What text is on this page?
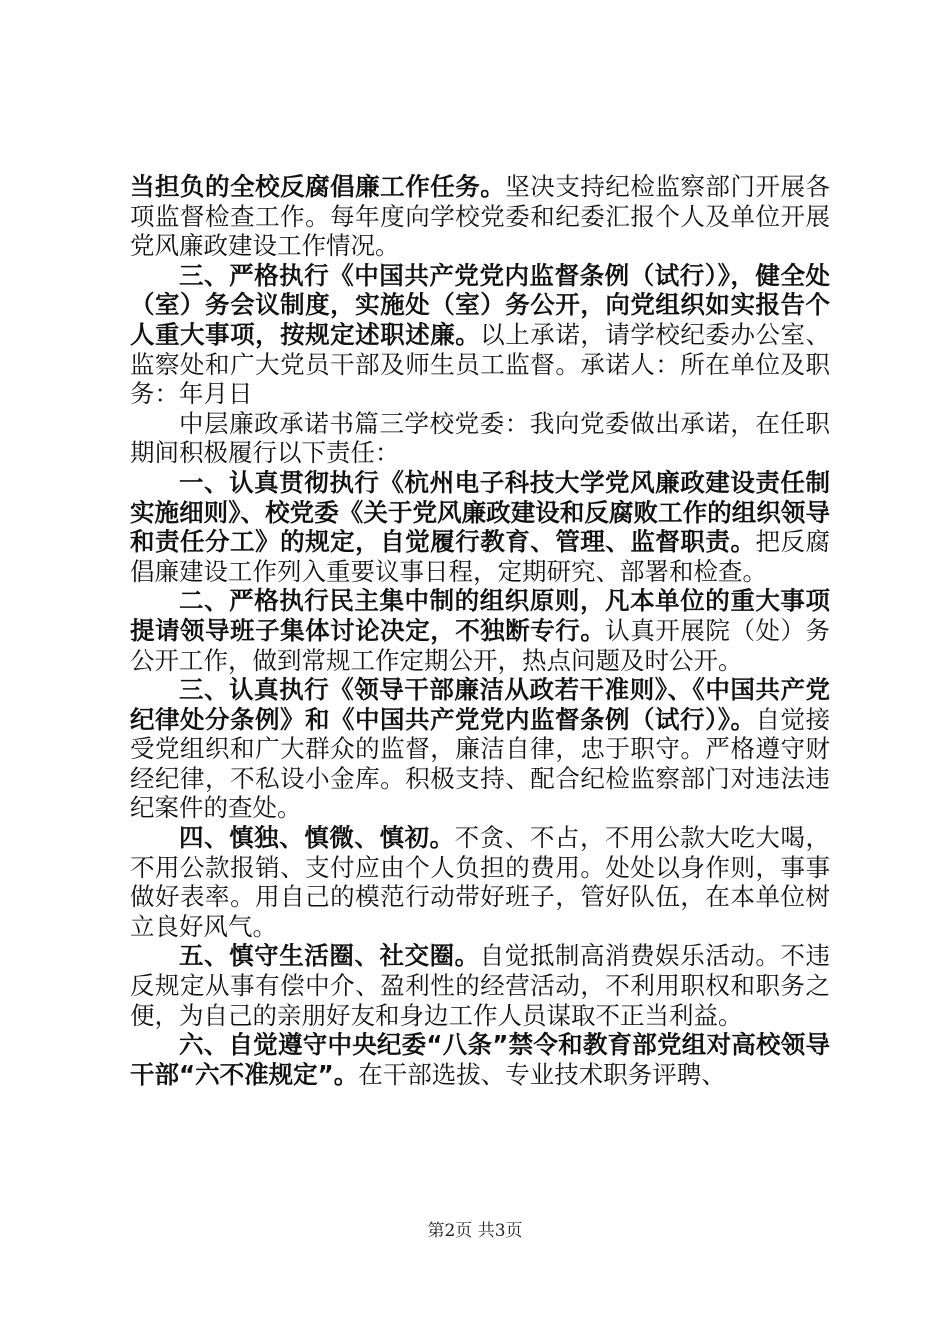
当担负的全校反腐倡廉工作任务。坚决支持纪检监察部门开展各项监督检查工作。每年度向学校党委和纪委汇报个人及单位开展党风廉政建设工作情况。

三、严格执行《中国共产党党内监督条例（试行）》，健全处（室）务会议制度，实施处（室）务公开，向党组织如实报告个人重大事项，按规定述职述廉。以上承诺，请学校纪委办公室、监察处和广大党员干部及师生员工监督。承诺人：所在单位及职务：年月日

中层廉政承诺书篇三学校党委：我向党委做出承诺，在任职期间积极履行以下责任：

一、认真贯彻执行《杭州电子科技大学党风廉政建设责任制实施细则》、校党委《关于党风廉政建设和反腐败工作的组织领导和责任分工》的规定，自觉履行教育、管理、监督职责。把反腐倡廉建设工作列入重要议事日程，定期研究、部署和检查。

二、严格执行民主集中制的组织原则，凡本单位的重大事项提请领导班子集体讨论决定，不独断专行。认真开展院（处）务公开工作，做到常规工作定期公开，热点问题及时公开。

三、认真执行《领导干部廉洁从政若干准则》、《中国共产党纪律处分条例》和《中国共产党党内监督条例（试行）》。自觉接受党组织和广大群众的监督，廉洁自律，忠于职守。严格遵守财经纪律，不私设小金库。积极支持、配合纪检监察部门对违法违纪案件的查处。

四、慎独、慎微、慎初。不贪、不占，不用公款大吃大喝，不用公款报销、支付应由个人负担的费用。处处以身作则，事事做好表率。用自己的模范行动带好班子，管好队伍，在本单位树立良好风气。

五、慎守生活圈、社交圈。自觉抵制高消费娱乐活动。不违反规定从事有偿中介、盈利性的经营活动，不利用职权和职务之便，为自己的亲朋好友和身边工作人员谋取不正当利益。

六、自觉遵守中央纪委“八条”禁令和教育部党组对高校领导干部“六不准规定”。在干部选拔、专业技术职务评聘、

第2页 共3页
